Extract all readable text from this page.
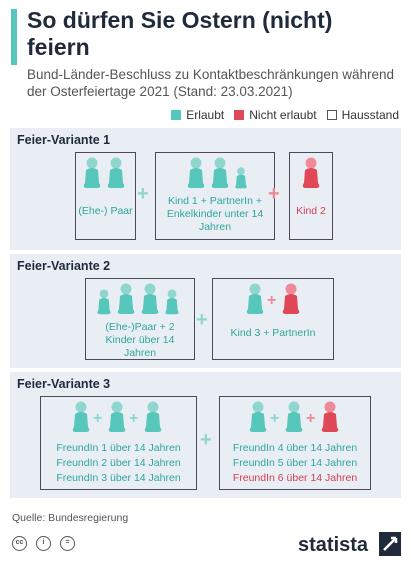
So dürfen Sie Ostern (nicht) feiern
Bund-Länder-Beschluss zu Kontaktbeschränkungen während der Osterfeiertage 2021 (Stand: 23.03.2021)
Erlaubt Nicht erlaubt Hausstand
Feier-Variante 1
(Ehe-) Paar
+	Kind 1 + PartnerIn + Enkelkinder unter 14 Jahren
+
Kind 2
Feier-Variante 2
(Ehe-)Paar + 2 Kinder über 14 Jahren
+
+
Kind 3 + PartnerIn
Feier-Variante 3
+ +
FreundIn 1 über 14 Jahren
FreundIn 2 über 14 Jahren
FreundIn 3 über 14 Jahren
+
+ +
FreundIn 4 über 14 Jahren
FreundIn 5 über 14 Jahren
FreundIn 6 über 14 Jahren
Quelle: Bundesregierung
cc	i	=	statista
